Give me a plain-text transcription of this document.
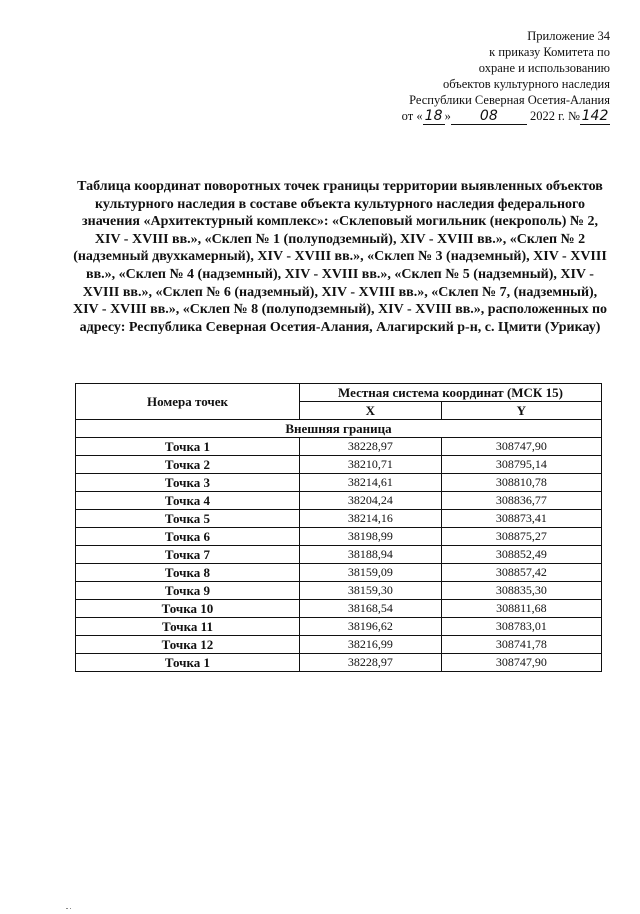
Приложение 34
к приказу Комитета по
охране и использованию
объектов культурного наследия
Республики Северная Осетия-Алания
от « 18 » 08 2022 г. № 142
Таблица координат поворотных точек границы территории выявленных объектов культурного наследия в составе объекта культурного наследия федерального значения «Архитектурный комплекс»: «Склеповый могильник (некрополь) № 2, XIV - XVIII вв.», «Склеп № 1 (полуподземный), XIV - XVIII вв.», «Склеп № 2 (надземный двухкамерный), XIV - XVIII вв.», «Склеп № 3 (надземный), XIV - XVIII вв.», «Склеп № 4 (надземный), XIV - XVIII вв.», «Склеп № 5 (надземный), XIV - XVIII вв.», «Склеп № 6 (надземный), XIV - XVIII вв.», «Склеп № 7, (надземный), XIV - XVIII вв.», «Склеп № 8 (полуподземный), XIV - XVIII вв.», расположенных по адресу: Республика Северная Осетия-Алания, Алагирский р-н, с. Цмити (Урикау)
Номера точек	Местная система координат (МСК 15)	
	X	Y
Внешняя граница		
Точка 1	38228,97	308747,90
Точка 2	38210,71	308795,14
Точка 3	38214,61	308810,78
Точка 4	38204,24	308836,77
Точка 5	38214,16	308873,41
Точка 6	38198,99	308875,27
Точка 7	38188,94	308852,49
Точка 8	38159,09	308857,42
Точка 9	38159,30	308835,30
Точка 10	38168,54	308811,68
Точка 11	38196,62	308783,01
Точка 12	38216,99	308741,78
Точка 1	38228,97	308747,90
